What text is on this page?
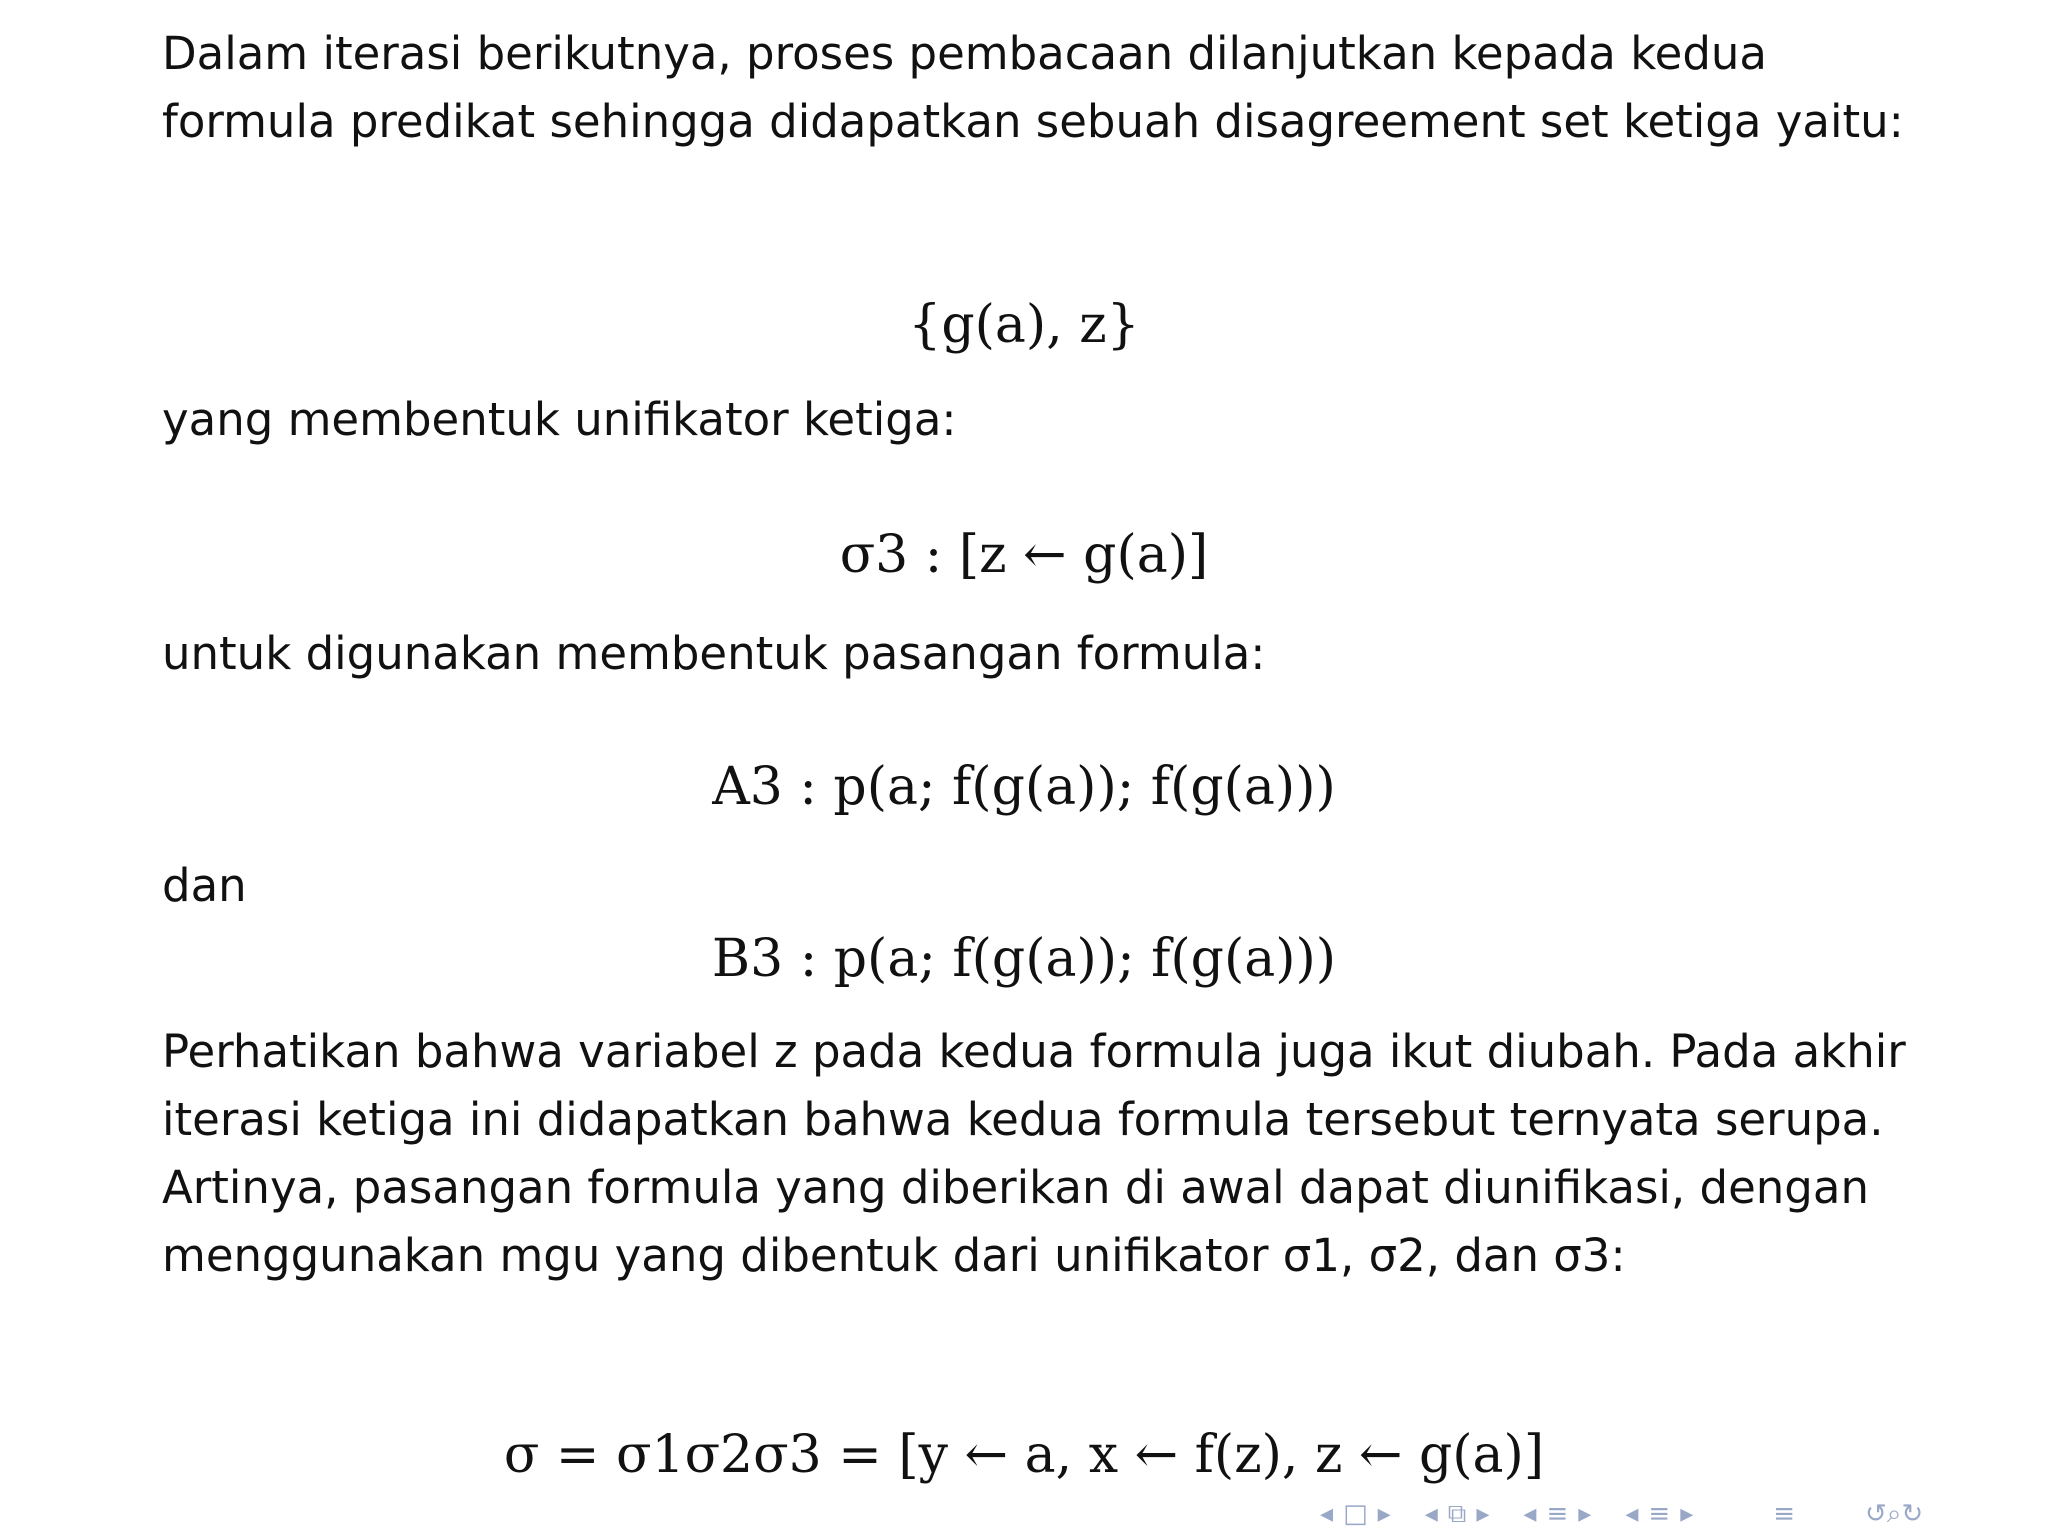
Dalam iterasi berikutnya, proses pembacaan dilanjutkan kepada kedua formula predikat sehingga didapatkan sebuah disagreement set ketiga yaitu:

{g(a), z}

yang membentuk unifikator ketiga:

σ3 : [z ← g(a)]

untuk digunakan membentuk pasangan formula:

A3 : p(a; f(g(a)); f(g(a)))

dan

B3 : p(a; f(g(a)); f(g(a)))

Perhatikan bahwa variabel z pada kedua formula juga ikut diubah. Pada akhir iterasi ketiga ini didapatkan bahwa kedua formula tersebut ternyata serupa. Artinya, pasangan formula yang diberikan di awal dapat diunifikasi, dengan menggunakan mgu yang dibentuk dari unifikator σ1, σ2, dan σ3:

σ = σ1σ2σ3 = [y ← a, x ← f(z), z ← g(a)]
◂ □ ▸ ◂ ⧉ ▸ ◂ ≡ ▸ ◂ ≡ ▸	≡	↺⌕↻
